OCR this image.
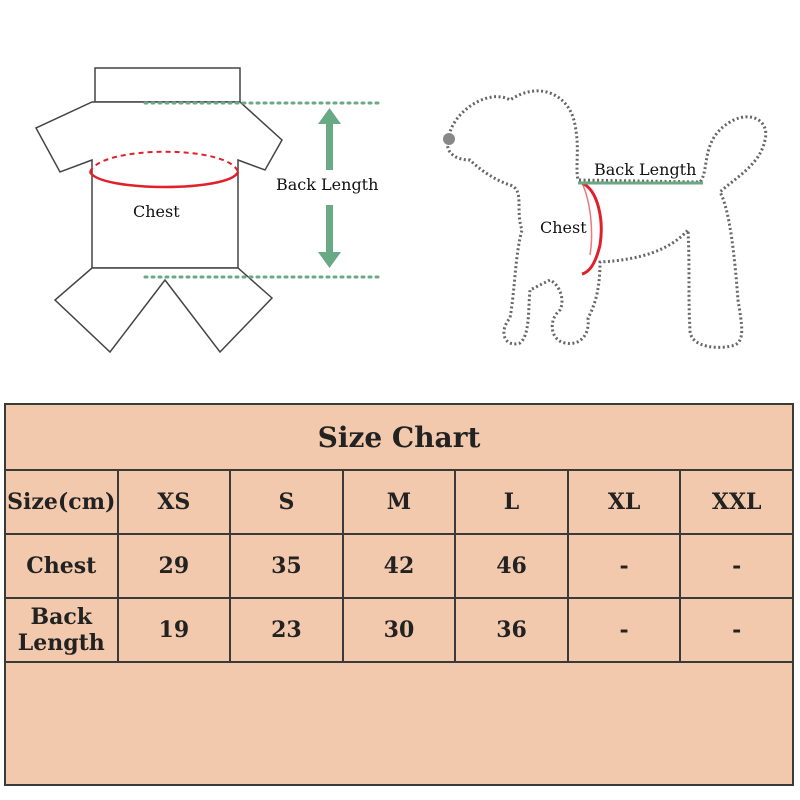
Chest
Back Length
Back Length
Chest
Size Chart						
Size(cm)	XS	S	M	L	XL	XXL
Chest	29	35	42	46	-	-
Back Length	19	23	30	36	-	-
